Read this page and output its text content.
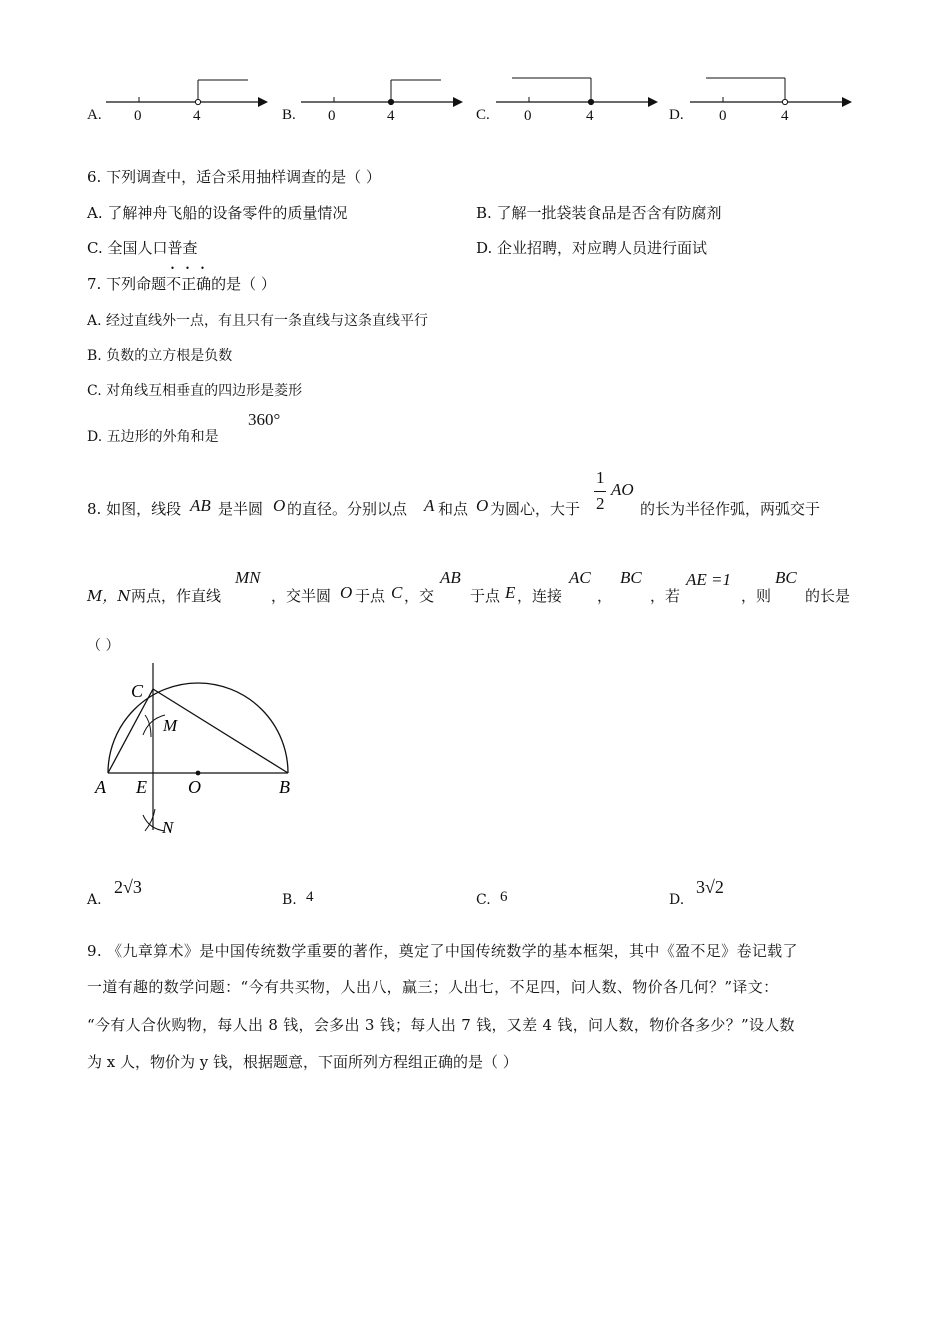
A. 0	4	B. 0	4	C. 0	4	D. 0	4
6. 下列调查中，适合采用抽样调查的是（ ）
A. 了解神舟飞船的设备零件的质量情况	B. 了解一批袋装食品是否含有防腐剂
C. 全国人口普查	D. 企业招聘，对应聘人员进行面试
7. 下列命题不正确的是（ ）
A. 经过直线外一点，有且只有一条直线与这条直线平行
B. 负数的立方根是负数
C. 对角线互相垂直的四边形是菱形
D. 五边形的外角和是
360°
8. 如图，线段 AB 是半圆 O 的直径。分别以点 A 和点 O 为圆心，大于
1
2
AO
的长为半径作弧，两弧交于
M，N 两点，作直线
MN
，交半圆 O 于点 C ，交
AB
于点 E ，连接
AC
，
BC
，若
AE =1
，则
BC
的长是
（ ）
C
M
A E O	B
N
A.
2√3
B. 4	C. 6	D.
3√2
9. 《九章算术》是中国传统数学重要的著作，奠定了中国传统数学的基本框架，其中《盈不足》卷记载了
一道有趣的数学问题：“今有共买物，人出八，赢三；人出七，不足四，问人数、物价各几何？”译文：
“今有人合伙购物，每人出 8 钱，会多出 3 钱；每人出 7 钱，又差 4 钱，问人数，物价各多少？”设人数
为 x 人，物价为 y 钱，根据题意，下面所列方程组正确的是（ ）
